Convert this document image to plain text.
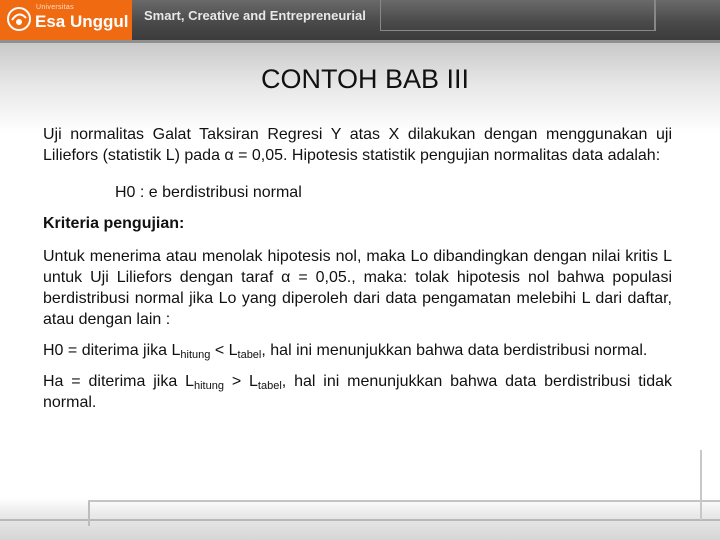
Universitas
Esa Unggul Smart, Creative and Entrepreneurial
CONTOH BAB III

Uji normalitas Galat Taksiran Regresi Y atas X dilakukan dengan menggunakan uji Liliefors (statistik L) pada α = 0,05. Hipotesis statistik pengujian normalitas data adalah:

H0 : e berdistribusi normal

Kriteria pengujian:

Untuk menerima atau menolak hipotesis nol, maka Lo dibandingkan dengan nilai kritis L untuk Uji Liliefors dengan taraf α = 0,05., maka: tolak hipotesis nol bahwa populasi berdistribusi normal jika Lo yang diperoleh dari data pengamatan melebihi L dari daftar, atau dengan lain :

H0 = diterima jika $L_{hitung} < L_{tabel}$, hal ini menunjukkan bahwa data berdistribusi normal.

Ha = diterima jika $L_{hitung} > L_{tabel}$, hal ini menunjukkan bahwa data berdistribusi tidak normal.
